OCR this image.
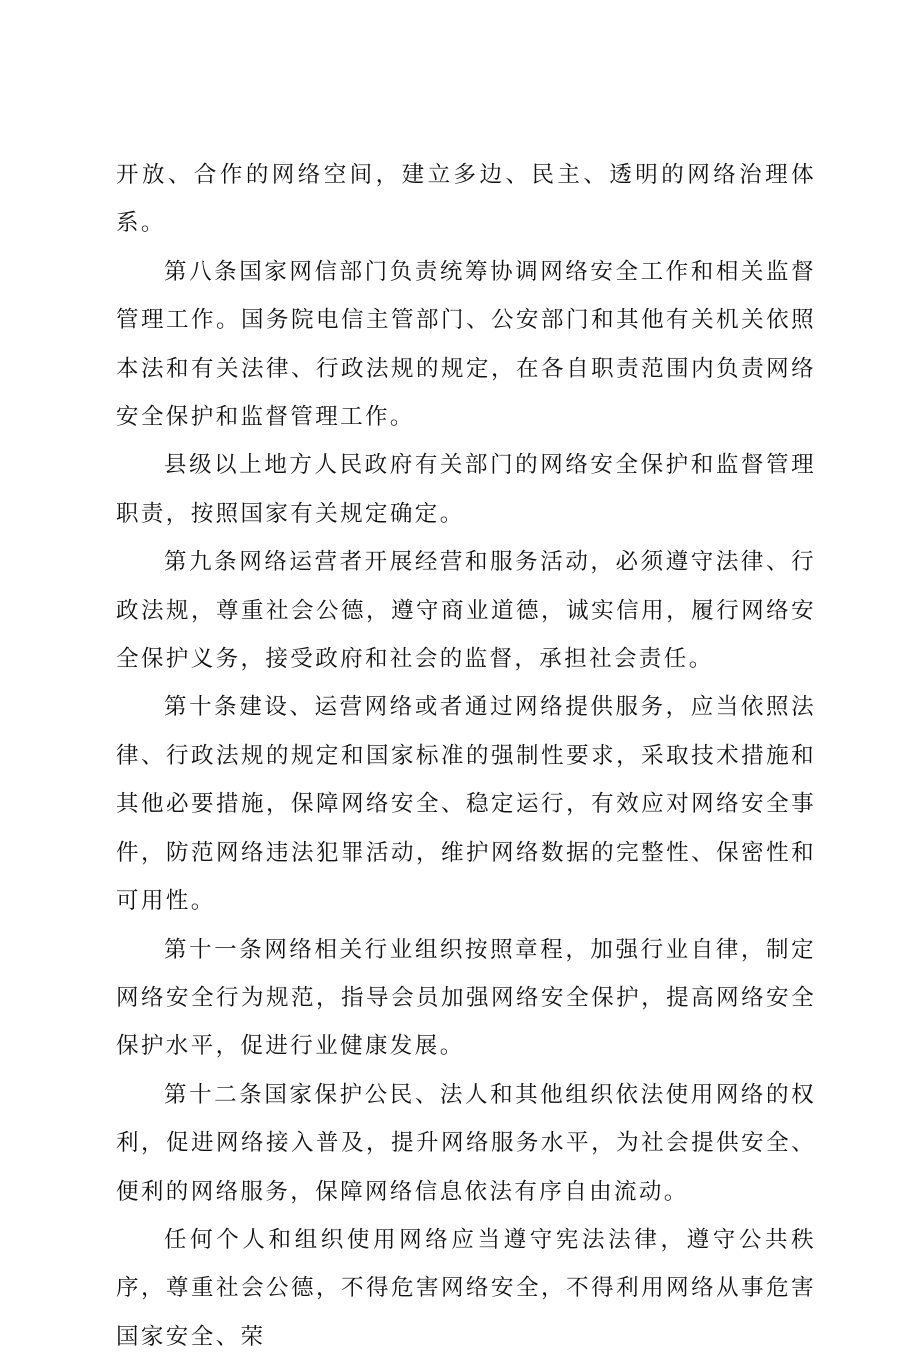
开放、合作的网络空间，建立多边、民主、透明的网络治理体系。

第八条国家网信部门负责统筹协调网络安全工作和相关监督管理工作。国务院电信主管部门、公安部门和其他有关机关依照本法和有关法律、行政法规的规定，在各自职责范围内负责网络安全保护和监督管理工作。

县级以上地方人民政府有关部门的网络安全保护和监督管理职责，按照国家有关规定确定。

第九条网络运营者开展经营和服务活动，必须遵守法律、行政法规，尊重社会公德，遵守商业道德，诚实信用，履行网络安全保护义务，接受政府和社会的监督，承担社会责任。

第十条建设、运营网络或者通过网络提供服务，应当依照法律、行政法规的规定和国家标准的强制性要求，采取技术措施和其他必要措施，保障网络安全、稳定运行，有效应对网络安全事件，防范网络违法犯罪活动，维护网络数据的完整性、保密性和可用性。

第十一条网络相关行业组织按照章程，加强行业自律，制定网络安全行为规范，指导会员加强网络安全保护，提高网络安全保护水平，促进行业健康发展。

第十二条国家保护公民、法人和其他组织依法使用网络的权利，促进网络接入普及，提升网络服务水平，为社会提供安全、便利的网络服务，保障网络信息依法有序自由流动。

任何个人和组织使用网络应当遵守宪法法律，遵守公共秩序，尊重社会公德，不得危害网络安全，不得利用网络从事危害国家安全、荣
